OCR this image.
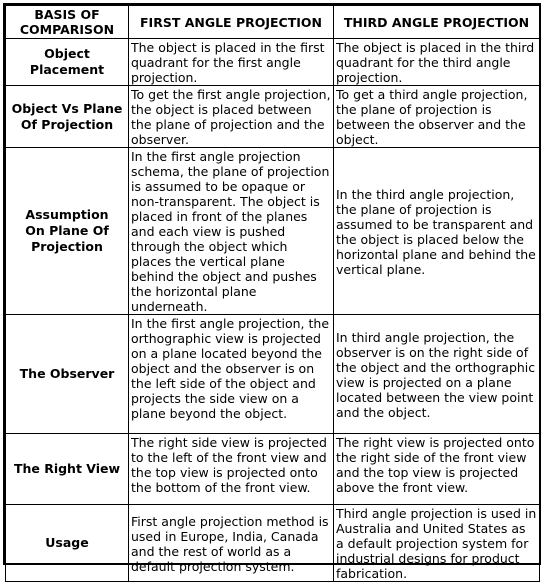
BASIS OF COMPARISON	FIRST ANGLE PROJECTION	THIRD ANGLE PROJECTION
Object Placement	The object is placed in the first quadrant for the first angle projection.	The object is placed in the third quadrant for the third angle projection.
Object Vs Plane Of Projection	To get the first angle projection, the object is placed between the plane of projection and the observer.	To get a third angle projection, the plane of projection is between the observer and the object.
Assumption On Plane Of Projection	In the first angle projection schema, the plane of projection is assumed to be opaque or non-transparent. The object is placed in front of the planes and each view is pushed through the object which places the vertical plane behind the object and pushes the horizontal plane underneath.	In the third angle projection, the plane of projection is assumed to be transparent and the object is placed below the horizontal plane and behind the vertical plane.
The Observer	In the first angle projection, the orthographic view is projected on a plane located beyond the object and the observer is on the left side of the object and projects the side view on a plane beyond the object.	In third angle projection, the observer is on the right side of the object and the orthographic view is projected on a plane located between the view point and the object.
The Right View	The right side view is projected to the left of the front view and the top view is projected onto the bottom of the front view.	The right view is projected onto the right side of the front view and the top view is projected above the front view.
Usage	First angle projection method is used in Europe, India, Canada and the rest of world as a default projection system.	Third angle projection is used in Australia and United States as a default projection system for industrial designs for product fabrication.
